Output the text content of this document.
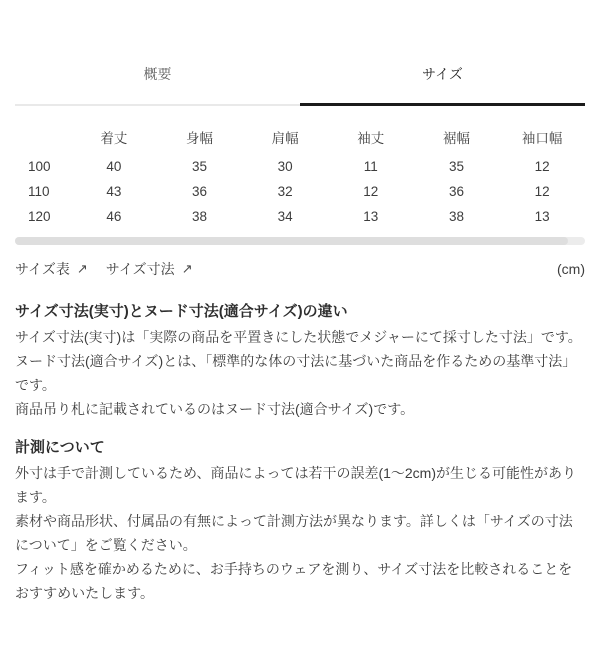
概要	サイズ
	着丈	身幅	肩幅	袖丈	裾幅	袖口幅
100	40	35	30	11	35	12
110	43	36	32	12	36	12
120	46	38	34	13	38	13
サイズ表 ↗ サイズ寸法 ↗	(cm)
サイズ寸法(実寸)とヌード寸法(適合サイズ)の違い

サイズ寸法(実寸)は「実際の商品を平置きにした状態でメジャーにて採寸した寸法」です。

ヌード寸法(適合サイズ)とは、「標準的な体の寸法に基づいた商品を作るための基準寸法」です。

商品吊り札に記載されているのはヌード寸法(適合サイズ)です。

計測について

外寸は手で計測しているため、商品によっては若干の誤差(1〜2cm)が生じる可能性があります。

素材や商品形状、付属品の有無によって計測方法が異なります。詳しくは「サイズの寸法について」をご覧ください。

フィット感を確かめるために、お手持ちのウェアを測り、サイズ寸法を比較されることをおすすめいたします。
